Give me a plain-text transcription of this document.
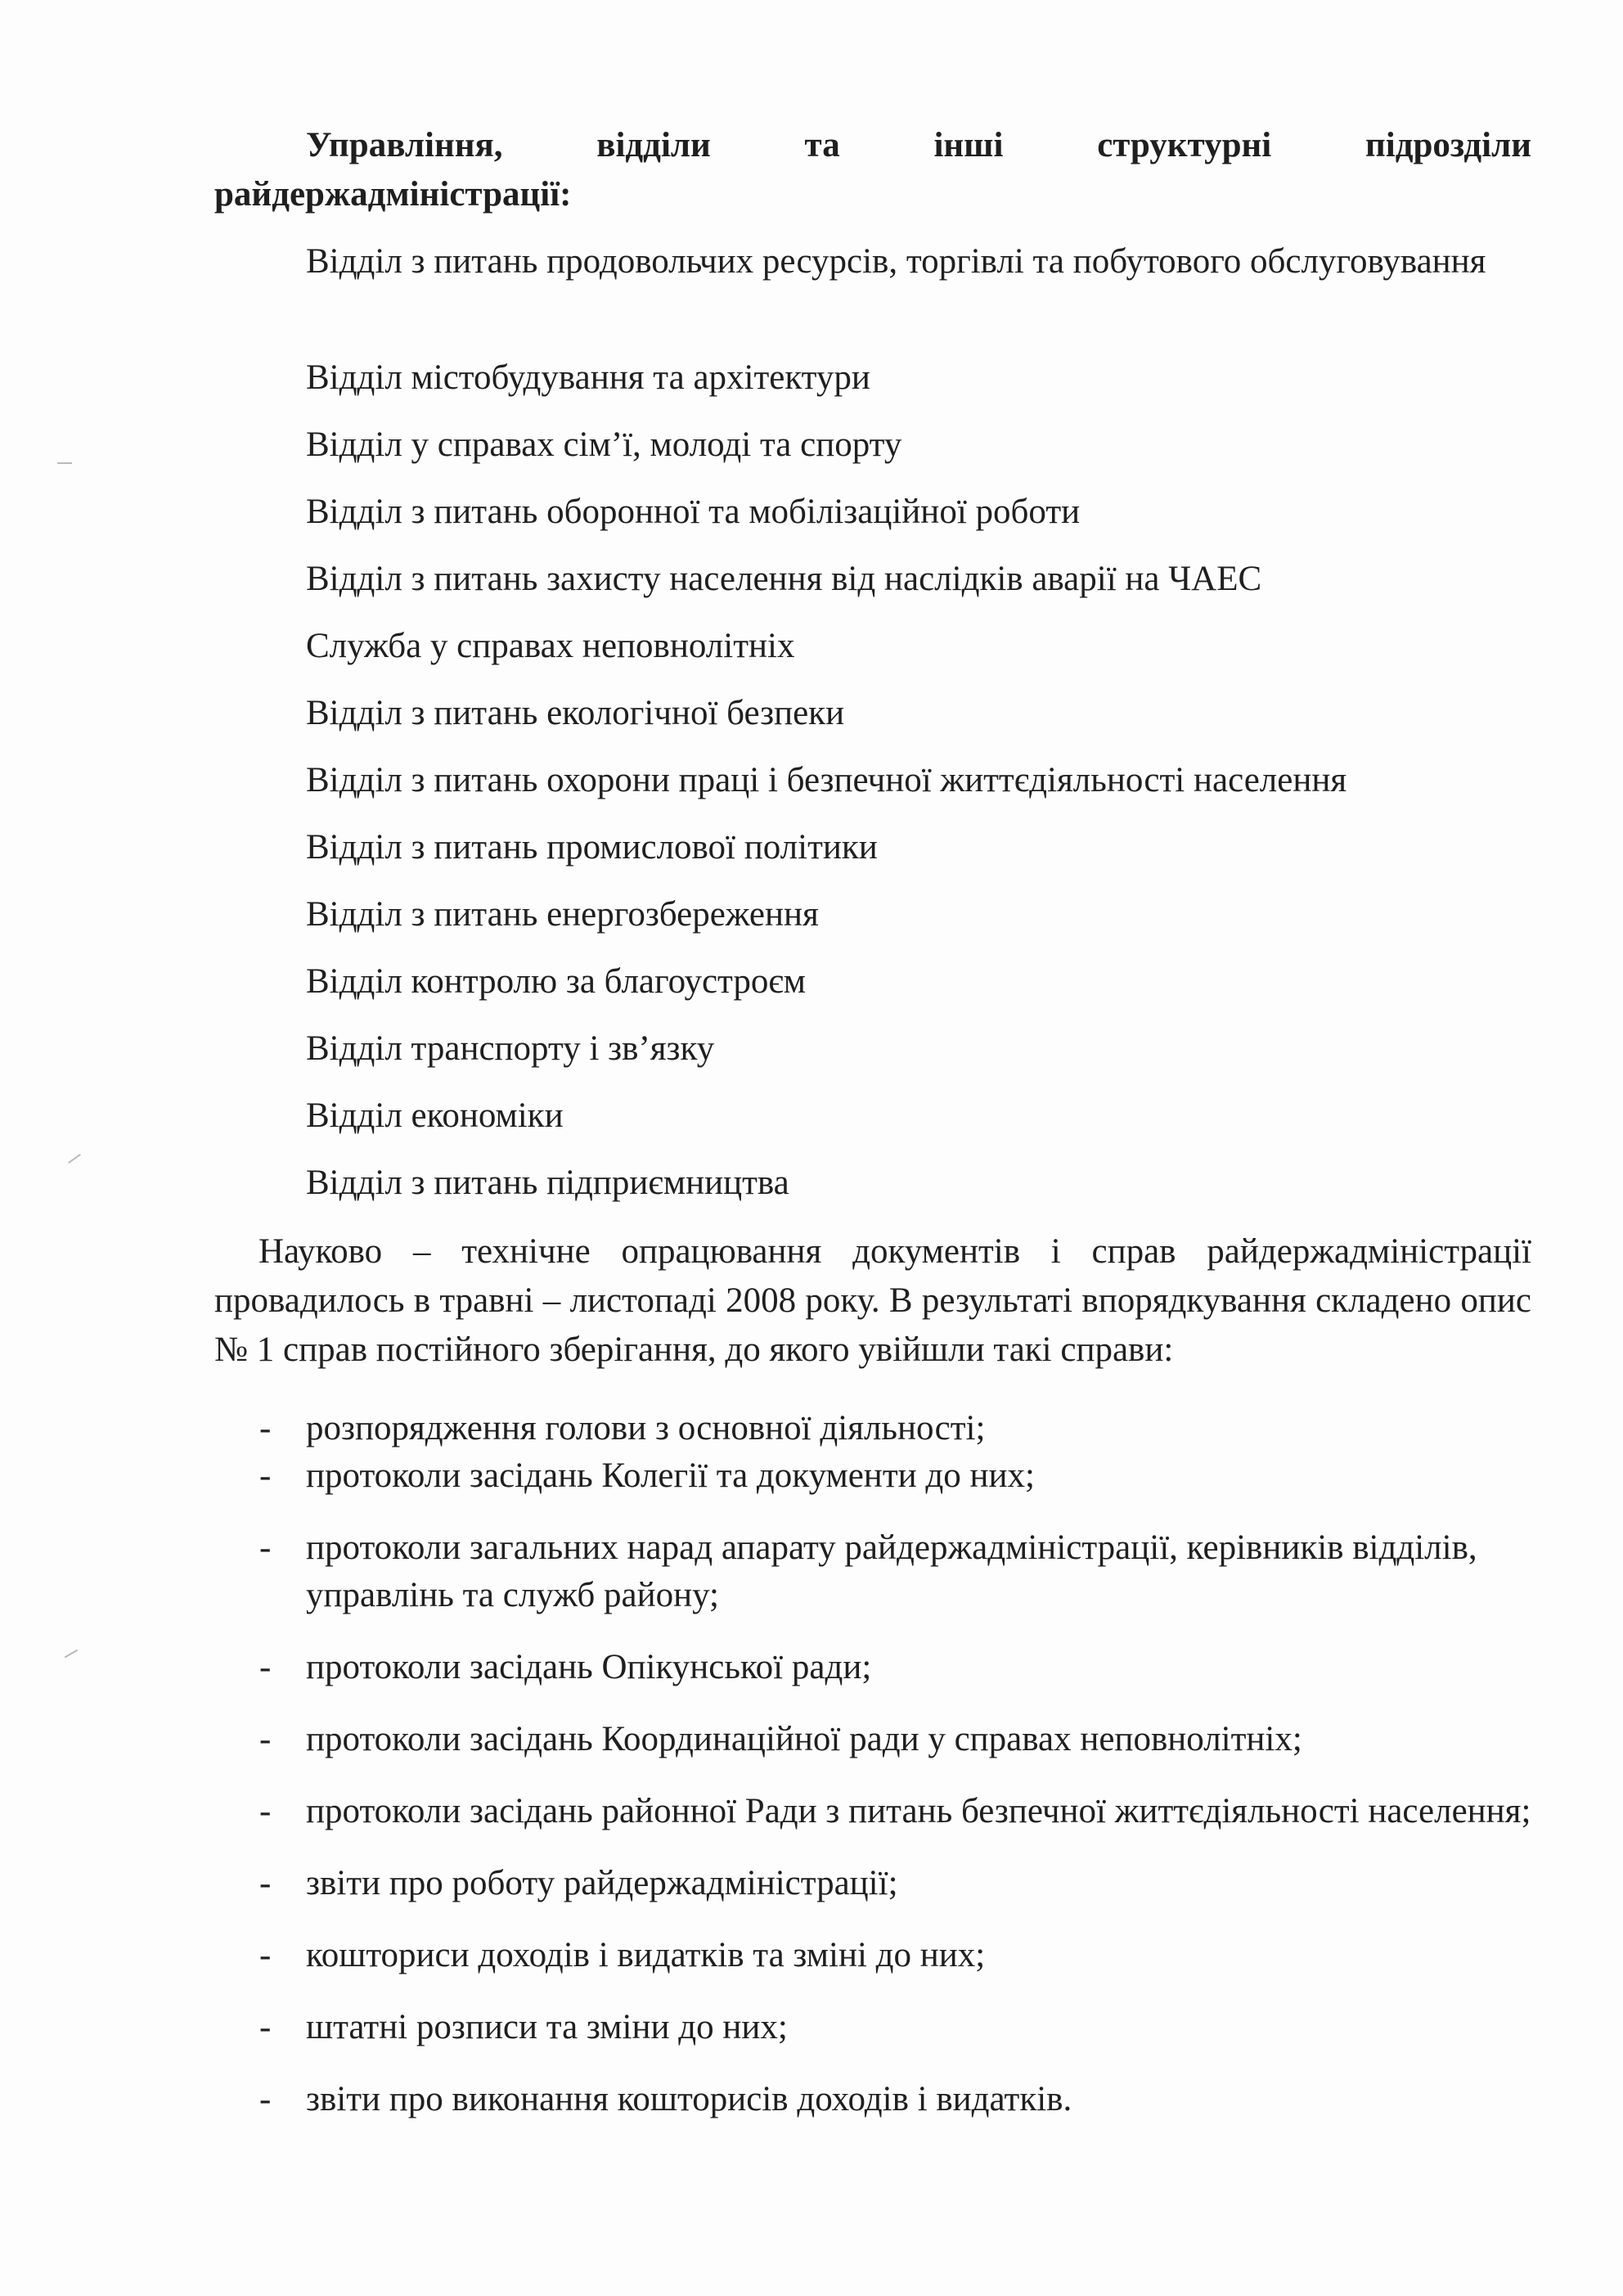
Управління,	відділи	та	інші	структурні	підрозділи
райдержадміністрації:
Відділ з питань продовольчих ресурсів, торгівлі та побутового обслуговування
Відділ містобудування та архітектури
Відділ у справах сім’ї, молоді та спорту
Відділ з питань оборонної та мобілізаційної роботи
Відділ з питань захисту населення від наслідків аварії на ЧАЕС
Служба у справах неповнолітніх
Відділ з питань екологічної безпеки
Відділ з питань охорони праці і безпечної життєдіяльності населення
Відділ з питань промислової політики
Відділ з питань енергозбереження
Відділ контролю за благоустроєм
Відділ транспорту і зв’язку
Відділ економіки
Відділ з питань підприємництва
Науково – технічне опрацювання документів і справ райдержадміністрації провадилось в травні – листопаді 2008 року. В результаті впорядкування складено опис № 1 справ постійного зберігання, до якого увійшли такі справи:
- розпорядження голови з основної діяльності;
- протоколи засідань Колегії та документи до них;
- протоколи загальних нарад апарату райдержадміністрації, керівників відділів, управлінь та служб району;
- протоколи засідань Опікунської ради;
- протоколи засідань Координаційної ради у справах неповнолітніх;
- протоколи засідань районної Ради з питань безпечної життєдіяльності населення;
- звіти про роботу райдержадміністрації;
- кошториси доходів і видатків та зміні до них;
- штатні розписи та зміни до них;
- звіти про виконання кошторисів доходів і видатків.
